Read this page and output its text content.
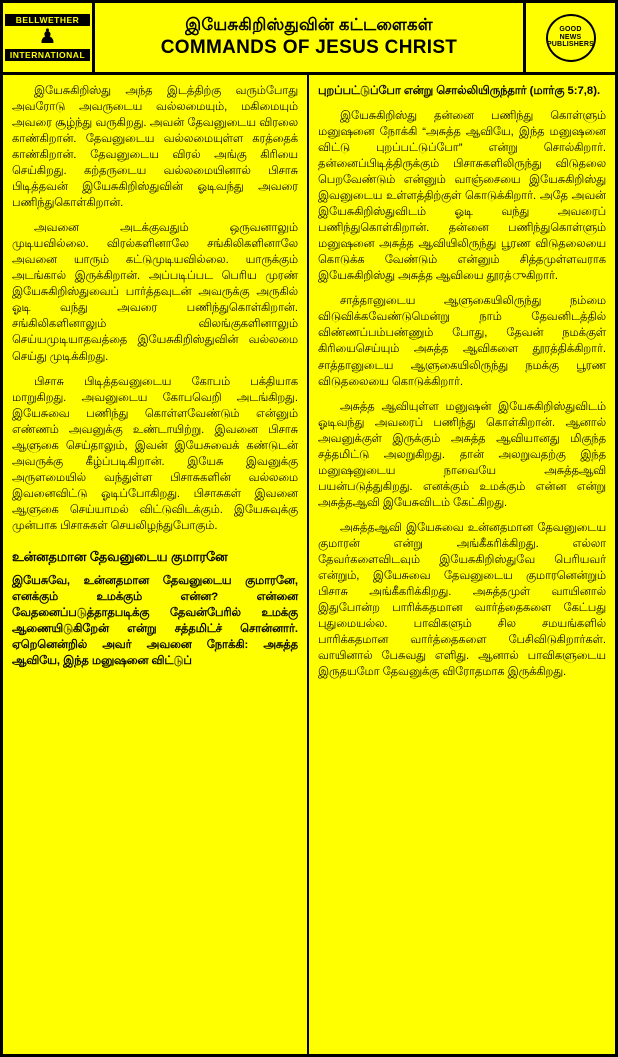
BELLWETHER
♟
INTERNATIONAL
இயேசுகிறிஸ்துவின் கட்டளைகள்
COMMANDS OF JESUS CHRIST
GOOD
NEWS
PUBLISHERS

இயேசுகிறிஸ்து அந்த இடத்திற்கு வரும்போது அவரோடு அவருடைய வல்லமையும், மகிமையும் அவரை சூழ்ந்து வருகிறது. அவன் தேவனுடைய விரலை காண்கிறான். தேவனுடைய வல்லமையுள்ள கரத்தைக் காண்கிறான். தேவனுடைய விரல் அங்கு கிரியை செய்கிறது. கற்தருடைய வல்லமையினால் பிசாசு பிடித்தவன் இயேசுகிறிஸ்துவின் ஓடிவந்து அவரை பணிந்துகொள்கிறான்.

அவனை அடக்குவதும் ஒருவனாலும் முடியவில்லை. விரல்களினாலே சங்கிலிகளினாலே அவனை யாரும் கட்டுமுடியவில்லை. யாருக்கும் அடங்கால் இருக்கிறான். அப்படிப்பட பெரிய முரண் இயேசுகிறிஸ்துவைப் பார்த்தவுடன் அவருக்கு அருகில் ஓடி வந்து அவரை பணிந்துகொள்கிறான். சங்கிலிகளினாலும் விலங்குகளினாலும் செய்யமுடியாதவத்தை இயேசுகிறிஸ்துவின் வல்லமை செய்து முடிக்கிறது.

பிசாசு பிடித்தவனுடைய கோபம் பக்தியாக மாறுகிறது. அவனுடைய கோபவெறி அடங்கிறது. இயேசுவை பணிந்து கொள்ளவேண்டும் என்னும் எண்ணம் அவனுக்கு உண்டாயிற்று. இவனை பிசாசு ஆளுகை செய்தாலும், இவன் இயேசுவைக் கண்டுடன் அவருக்கு கீழ்ப்படிகிறான். இயேசு இவனுக்கு அருளமையில் வந்துள்ள பிசாசுகளின் வல்லமை இவனைவிட்டு ஓடிப்போகிறது. பிசாசுகள் இவனை ஆளுகை செய்யாமல் விட்டுவிடக்கும். இயேசுவுக்கு முன்பாக பிசாசுகள் செயலிழந்துபோகும்.

உன்னதமான தேவனுடைய குமாரனே

இயேசுவே, உன்னதமான தேவனுடைய குமாரனே, எனக்கும் உமக்கும் என்ன? என்னை வேதனைப்படுத்தாதபடிக்கு தேவன்பேரில் உமக்கு ஆணையிடுகிறேன் என்று சத்தமிட்ச் சொன்னார். ஏறெனென்றில் அவர் அவனை நோக்கி: அசுத்த ஆவியே, இந்த மனுஷனை விட்டுப்

புறப்பட்டுப்போ என்று சொல்லியிருந்தார் (மார்கு 5:7,8).

இயேசுகிறிஸ்து தன்னை பணிந்து கொள்ளும் மனுஷனை நோக்கி “அசுத்த ஆவியே, இந்த மனுஷனை விட்டு புறப்பட்டுப்போ” என்று சொல்கிறார். தன்னைப்பிடித்திருக்கும் பிசாசுகளிலிருந்து விடுதலை பெறவேண்டும் என்னும் வாஞ்சையை இயேசுகிறிஸ்து இவனுடைய உள்ளத்திற்குள் கொடுக்கிறார். அதே அவன் இயேசுகிறிஸ்துவிடம் ஓடி வந்து அவரைப் பணிந்துகொள்கிறான். தன்னை பணிந்துகொள்ளும் மனுஷனை அசுத்த ஆவியிலிருந்து பூரண விடுதலையை கொடுக்க வேண்டும் என்னும் சித்தமுள்ளவராக இயேசுகிறிஸ்து அசுத்த ஆவியை தூரத்ுகிறார்.

சாத்தானுடைய ஆளுகையிலிருந்து நம்மை விடுவிக்கவேண்டுமென்று நாம் தேவனிடத்தில் விண்ணப்பம்பண்ணும் போது, தேவன் நமக்குள் கிரியைசெய்யும் அசுத்த ஆவிகளை தூரத்திக்கிறார். சாத்தானுடைய ஆளுகையிலிருந்து நமக்கு பூரண விடுதலையை கொடுக்கிறார்.

அசுத்த ஆவியுள்ள மனுஷன் இயேசுகிறிஸ்துவிடம் ஓடிவந்து அவரைப் பணிந்து கொள்கிறான். ஆனால் அவனுக்குள் இருக்கும் அசுத்த ஆவியானது மிகுந்த சத்தமிட்டு அலறுகிறது. தான் அலறுவதற்கு இந்த மனுஷனுடைய நாவையே அசுத்தஆவி பயன்படுத்துகிறது. எனக்கும் உமக்கும் என்ன என்று அசுத்தஆவி இயேசுவிடம் கேட்கிறது.

அசுத்தஆவி இயேசுவை உன்னதமான தேவனுடைய குமாரன் என்று அங்கீகரிக்கிறது. எல்லா தேவர்களைவிடவும் இயேசுகிறிஸ்துவே பெரியவர் என்றும், இயேசுவை தேவனுடைய குமாரனென்றும் பிசாசு அங்கீகரிக்கிறது. அசுத்தமுள் வாயினால் இதுபோன்ற பாரிக்கதமான வார்த்தைகளை கேட்பது புதுமையல்ல. பாவிகளும் சில சமயங்களில் பாரிக்கதமான வார்த்தைகளை பேசிவிடுகிறார்கள். வாயினால் பேசுவது எளிது. ஆனால் பாவிகளுடைய இருதயமோ தேவனுக்கு விரோதமாக இருக்கிறது.
